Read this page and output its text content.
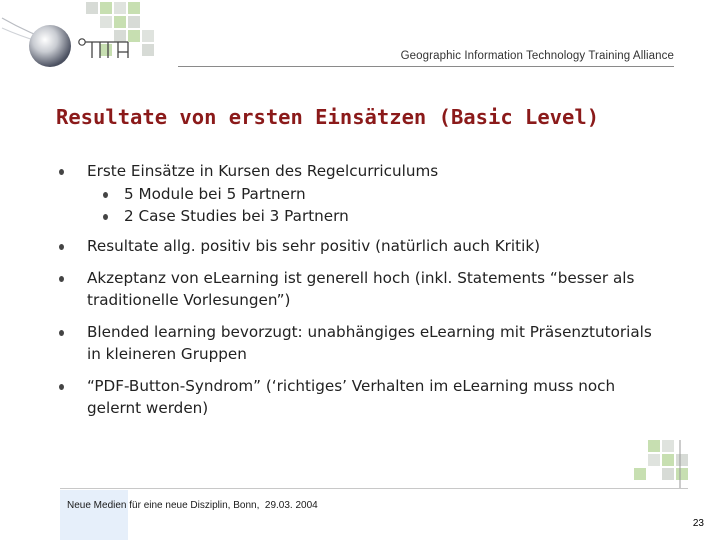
Geographic Information Technology Training Alliance
Resultate von ersten Einsätzen (Basic Level)
Erste Einsätze in Kursen des Regelcurriculums
5 Module bei 5 Partnern
2 Case Studies bei 3 Partnern
Resultate allg. positiv bis sehr positiv (natürlich auch Kritik)
Akzeptanz von eLearning ist generell hoch (inkl. Statements “besser als traditionelle Vorlesungen”)
Blended learning bevorzugt: unabhängiges eLearning mit Präsenztutorials in kleineren Gruppen
“PDF-Button-Syndrom” (‘richtiges’ Verhalten im eLearning muss noch gelernt werden)
Neue Medien für eine neue Disziplin, Bonn, 29.03. 2004
23
